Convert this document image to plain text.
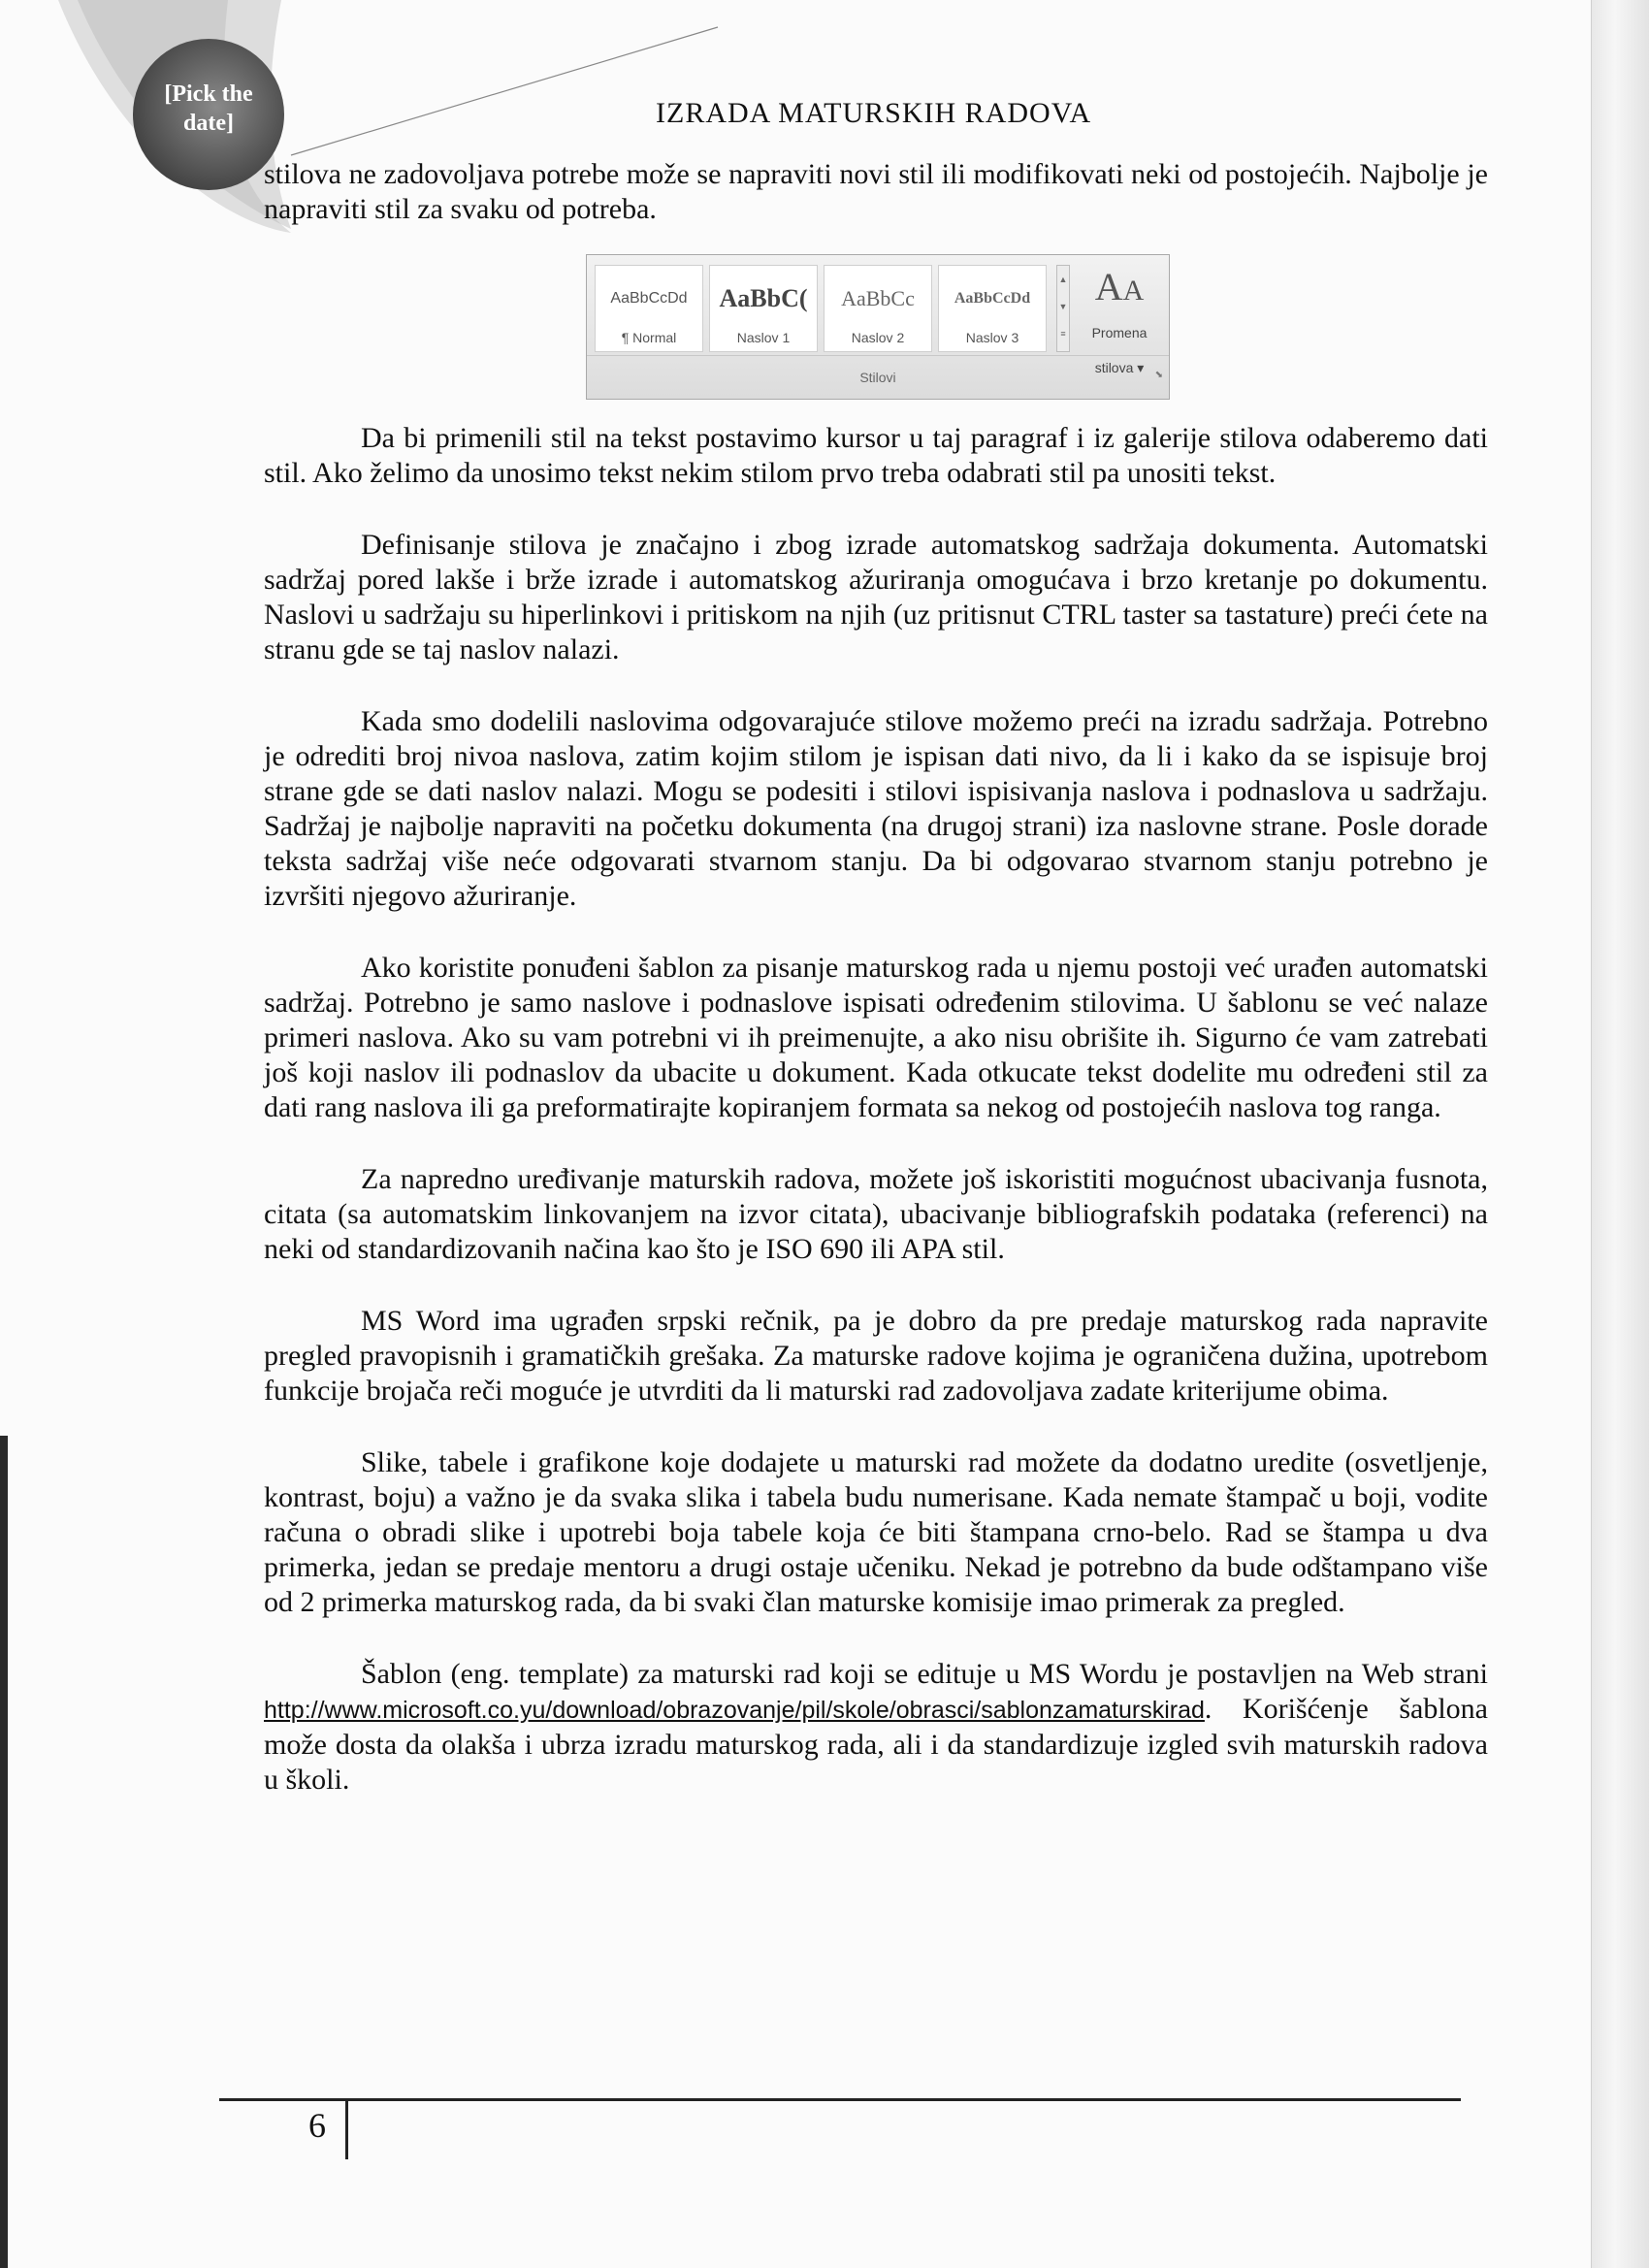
[Pick the
date]	IZRADA MATURSKIH RADOVA

stilova ne zadovoljava potrebe može se napraviti novi stil ili modifikovati neki od postojećih. Najbolje je napraviti stil za svaku od potreba.

AaBbCcDd
¶ Normal
AaBbC(
Naslov 1
AaBbCc
Naslov 2
AaBbCcDd
Naslov 3
▲
▼
≡
AA
Promena
stilova ▾
Stilovi	⬊

Da bi primenili stil na tekst postavimo kursor u taj paragraf i iz galerije stilova odaberemo dati stil. Ako želimo da unosimo tekst nekim stilom prvo treba odabrati stil pa unositi tekst.

Definisanje stilova je značajno i zbog izrade automatskog sadržaja dokumenta. Automatski sadržaj pored lakše i brže izrade i automatskog ažuriranja omogućava i brzo kretanje po dokumentu. Naslovi u sadržaju su hiperlinkovi i pritiskom na njih (uz pritisnut CTRL taster sa tastature) preći ćete na stranu gde se taj naslov nalazi.

Kada smo dodelili naslovima odgovarajuće stilove možemo preći na izradu sadržaja. Potrebno je odrediti broj nivoa naslova, zatim kojim stilom je ispisan dati nivo, da li i kako da se ispisuje broj strane gde se dati naslov nalazi. Mogu se podesiti i stilovi ispisivanja naslova i podnaslova u sadržaju. Sadržaj je najbolje napraviti na početku dokumenta (na drugoj strani) iza naslovne strane. Posle dorade teksta sadržaj više neće odgovarati stvarnom stanju. Da bi odgovarao stvarnom stanju potrebno je izvršiti njegovo ažuriranje.

Ako koristite ponuđeni šablon za pisanje maturskog rada u njemu postoji već urađen automatski sadržaj. Potrebno je samo naslove i podnaslove ispisati određenim stilovima. U šablonu se već nalaze primeri naslova. Ako su vam potrebni vi ih preimenujte, a ako nisu obrišite ih. Sigurno će vam zatrebati još koji naslov ili podnaslov da ubacite u dokument. Kada otkucate tekst dodelite mu određeni stil za dati rang naslova ili ga preformatirajte kopiranjem formata sa nekog od postojećih naslova tog ranga.

Za napredno uređivanje maturskih radova, možete još iskoristiti mogućnost ubacivanja fusnota, citata (sa automatskim linkovanjem na izvor citata), ubacivanje bibliografskih podataka (referenci) na neki od standardizovanih načina kao što je ISO 690 ili APA stil.

MS Word ima ugrađen srpski rečnik, pa je dobro da pre predaje maturskog rada napravite pregled pravopisnih i gramatičkih grešaka. Za maturske radove kojima je ograničena dužina, upotrebom funkcije brojača reči moguće je utvrditi da li maturski rad zadovoljava zadate kriterijume obima.

Slike, tabele i grafikone koje dodajete u maturski rad možete da dodatno uredite (osvetljenje, kontrast, boju) a važno je da svaka slika i tabela budu numerisane. Kada nemate štampač u boji, vodite računa o obradi slike i upotrebi boja tabele koja će biti štampana crno-belo. Rad se štampa u dva primerka, jedan se predaje mentoru a drugi ostaje učeniku. Nekad je potrebno da bude odštampano više od 2 primerka maturskog rada, da bi svaki član maturske komisije imao primerak za pregled.

Šablon (eng. template) za maturski rad koji se edituje u MS Wordu je postavljen na Web strani http://www.microsoft.co.yu/download/obrazovanje/pil/skole/obrasci/sablonzamaturskirad. Korišćenje šablona može dosta da olakša i ubrza izradu maturskog rada, ali i da standardizuje izgled svih maturskih radova u školi.

6
